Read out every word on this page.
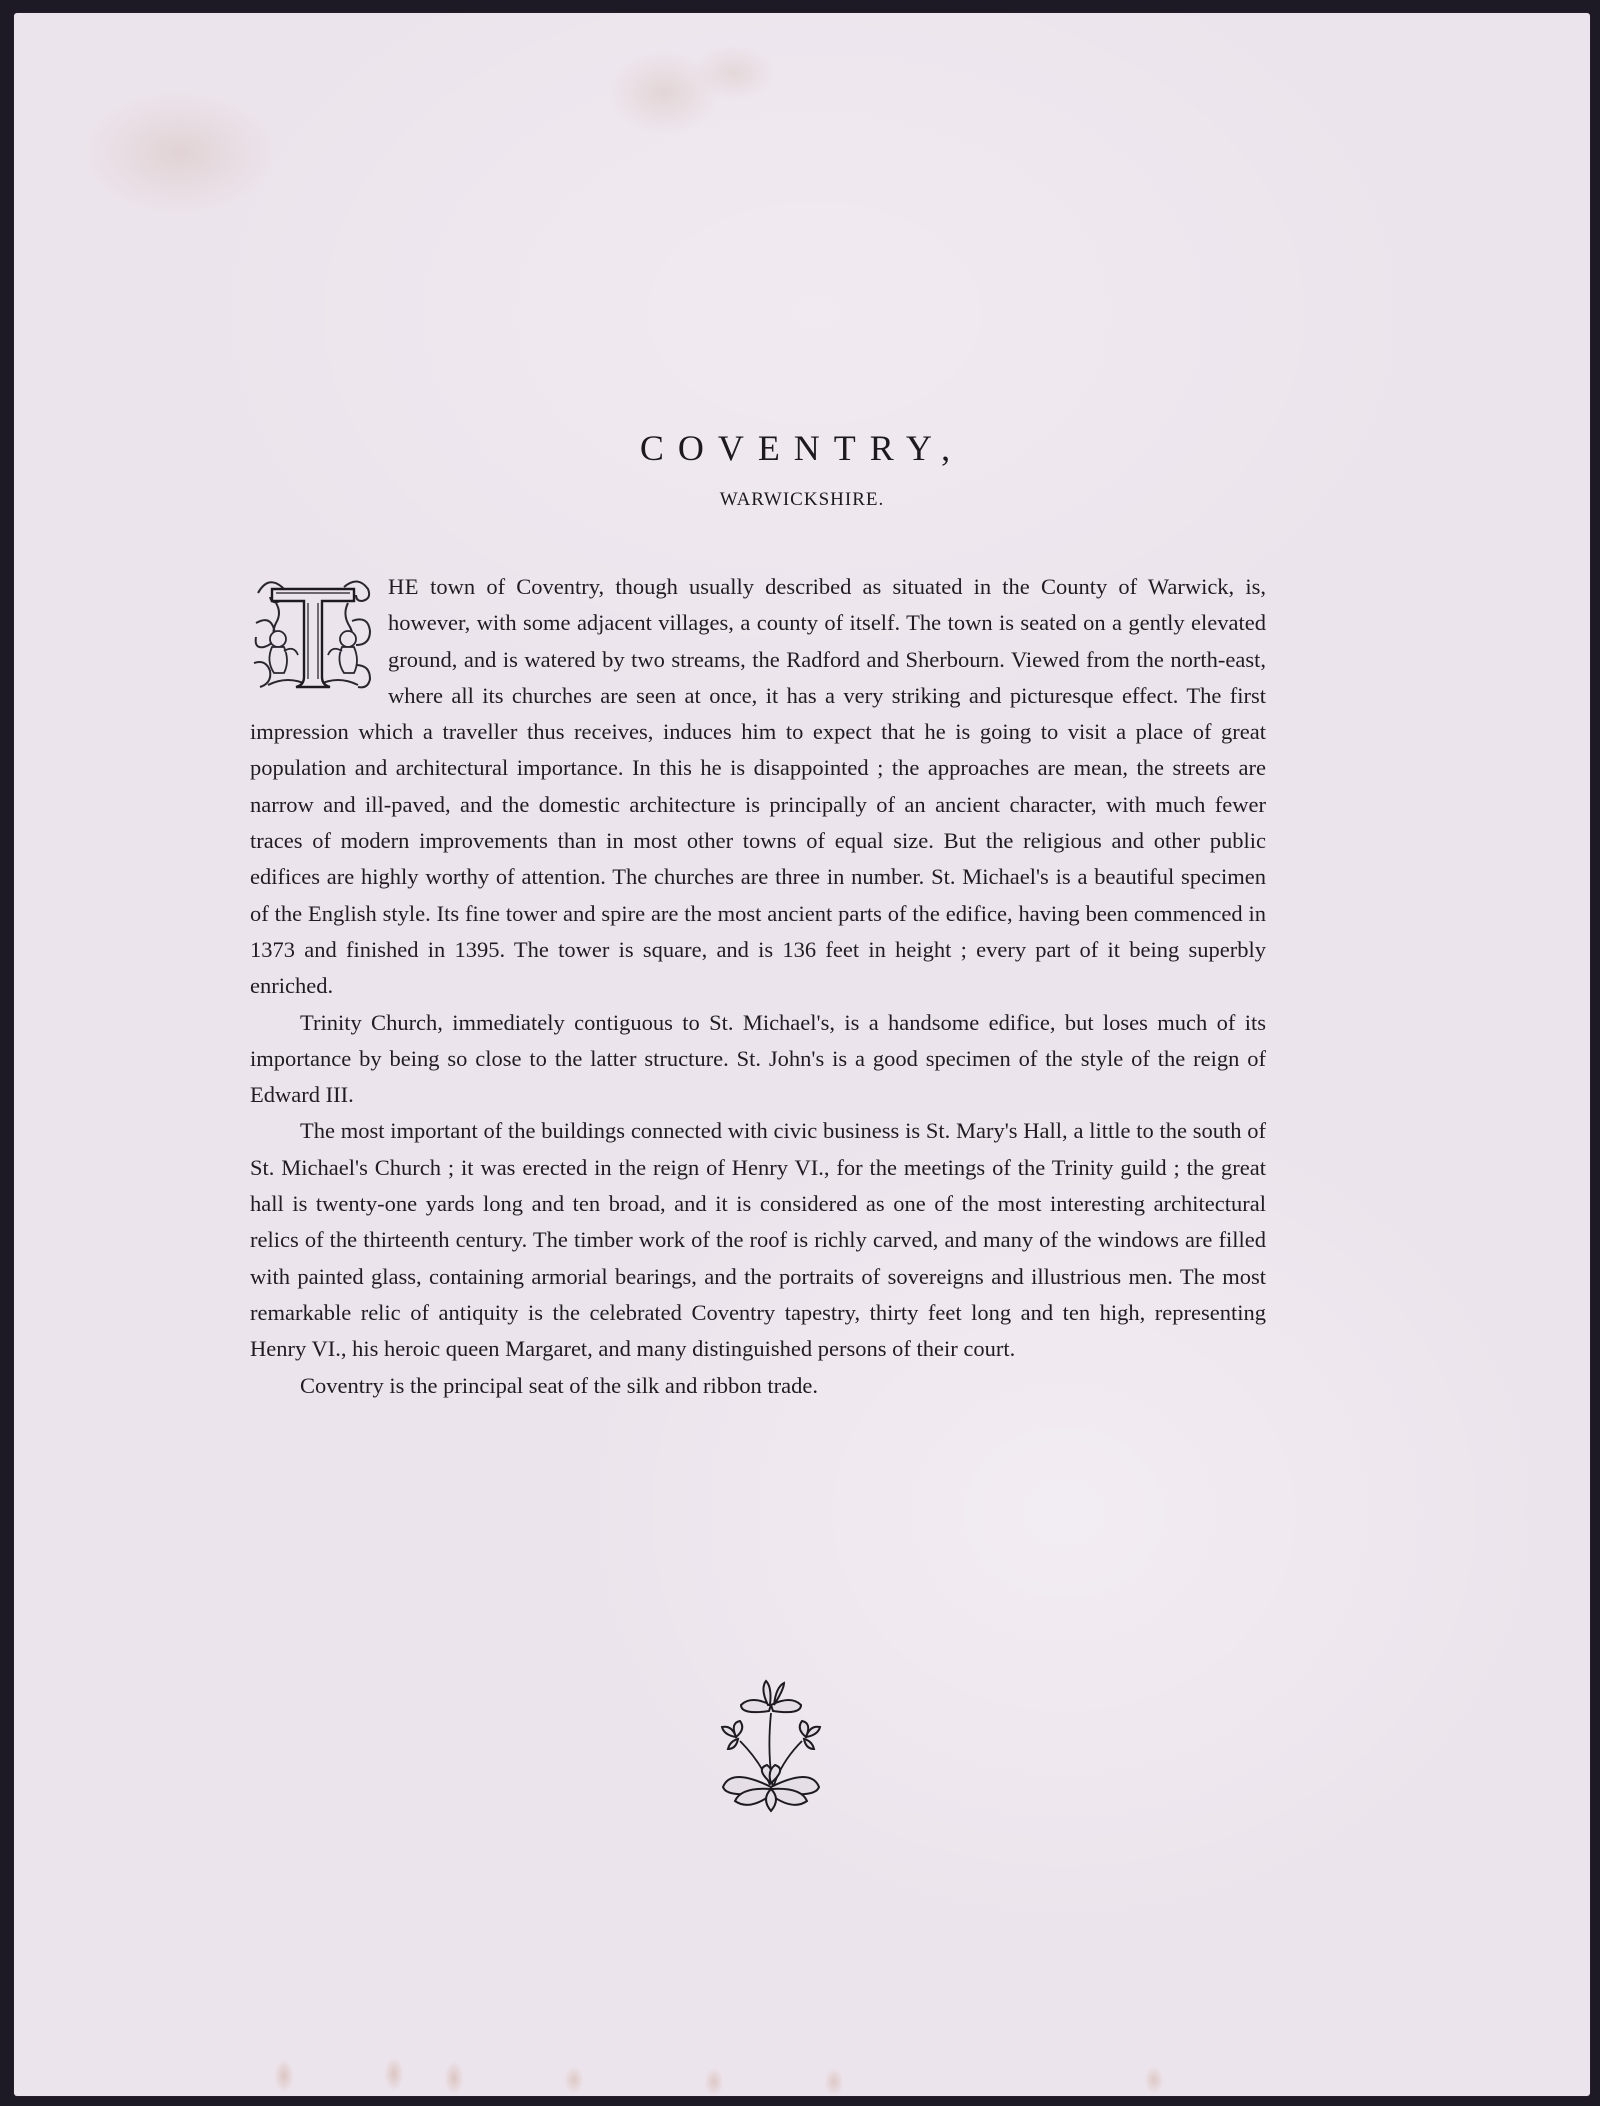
COVENTRY,
WARWICKSHIRE.

HE town of Coventry, though usually described as situated in the County of Warwick, is, however, with some adjacent villages, a county of itself. The town is seated on a gently elevated ground, and is watered by two streams, the Radford and Sherbourn. Viewed from the north-east, where all its churches are seen at once, it has a very striking and picturesque effect. The first impression which a traveller thus receives, induces him to expect that he is going to visit a place of great population and architectural importance. In this he is disappointed ; the approaches are mean, the streets are narrow and ill-paved, and the domestic architecture is principally of an ancient character, with much fewer traces of modern improvements than in most other towns of equal size. But the religious and other public edifices are highly worthy of attention. The churches are three in number. St. Michael's is a beautiful specimen of the English style. Its fine tower and spire are the most ancient parts of the edifice, having been commenced in 1373 and finished in 1395. The tower is square, and is 136 feet in height ; every part of it being superbly enriched.

Trinity Church, immediately contiguous to St. Michael's, is a handsome edifice, but loses much of its importance by being so close to the latter structure. St. John's is a good specimen of the style of the reign of Edward III.

The most important of the buildings connected with civic business is St. Mary's Hall, a little to the south of St. Michael's Church ; it was erected in the reign of Henry VI., for the meetings of the Trinity guild ; the great hall is twenty-one yards long and ten broad, and it is considered as one of the most interesting architectural relics of the thirteenth century. The timber work of the roof is richly carved, and many of the windows are filled with painted glass, containing armorial bearings, and the portraits of sovereigns and illustrious men. The most remarkable relic of antiquity is the celebrated Coventry tapestry, thirty feet long and ten high, representing Henry VI., his heroic queen Margaret, and many distinguished persons of their court.

Coventry is the principal seat of the silk and ribbon trade.
